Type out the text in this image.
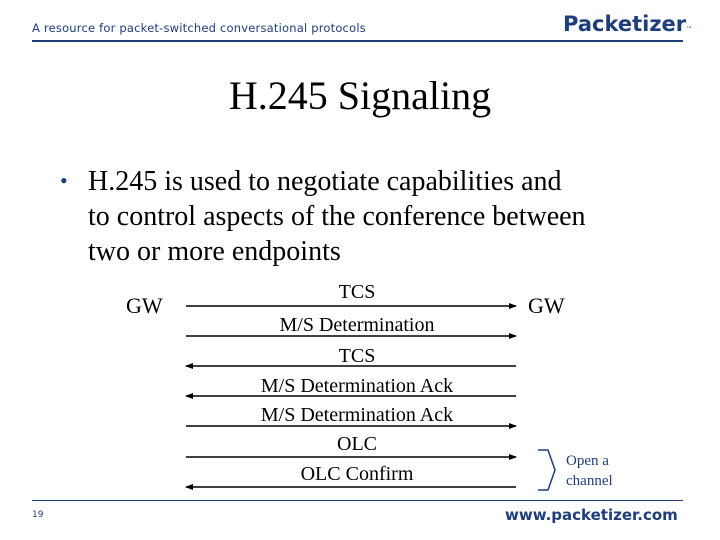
A resource for packet-switched conversational protocols	Packetizer™
H.245 Signaling
• H.245 is used to negotiate capabilities and
to control aspects of the conference between
two or more endpoints
GW	GW
TCS
M/S Determination
TCS
M/S Determination Ack
M/S Determination Ack
OLC
OLC Confirm
Open a
channel
19	www.packetizer.com
